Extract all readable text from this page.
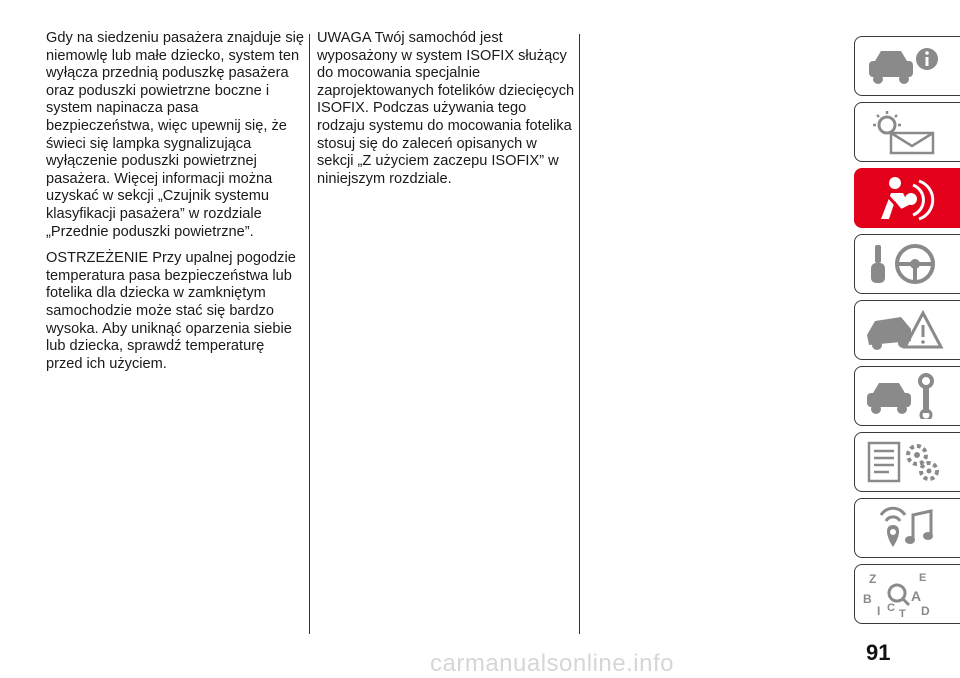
Gdy na siedzeniu pasażera znajduje się niemowlę lub małe dziecko, system ten wyłącza przednią poduszkę pasażera oraz poduszki powietrzne boczne i system napinacza pasa bezpieczeństwa, więc upewnij się, że świeci się lampka sygnalizująca wyłączenie poduszki powietrznej pasażera. Więcej informacji można uzyskać w sekcji „Czujnik systemu klasyfikacji pasażera” w rozdziale „Przednie poduszki powietrzne”.

OSTRZEŻENIE Przy upalnej pogodzie temperatura pasa bezpieczeństwa lub fotelika dla dziecka w zamkniętym samochodzie może stać się bardzo wysoka. Aby uniknąć oparzenia siebie lub dziecka, sprawdź temperaturę przed ich użyciem.

UWAGA Twój samochód jest wyposażony w system ISOFIX służący do mocowania specjalnie zaprojektowanych fotelików dziecięcych ISOFIX. Podczas używania tego rodzaju systemu do mocowania fotelika stosuj się do zaleceń opisanych w sekcji „Z użyciem zaczepu ISOFIX” w niniejszym rozdziale.

Z	E
B	A
I C T D
91
carmanualsonline.info
